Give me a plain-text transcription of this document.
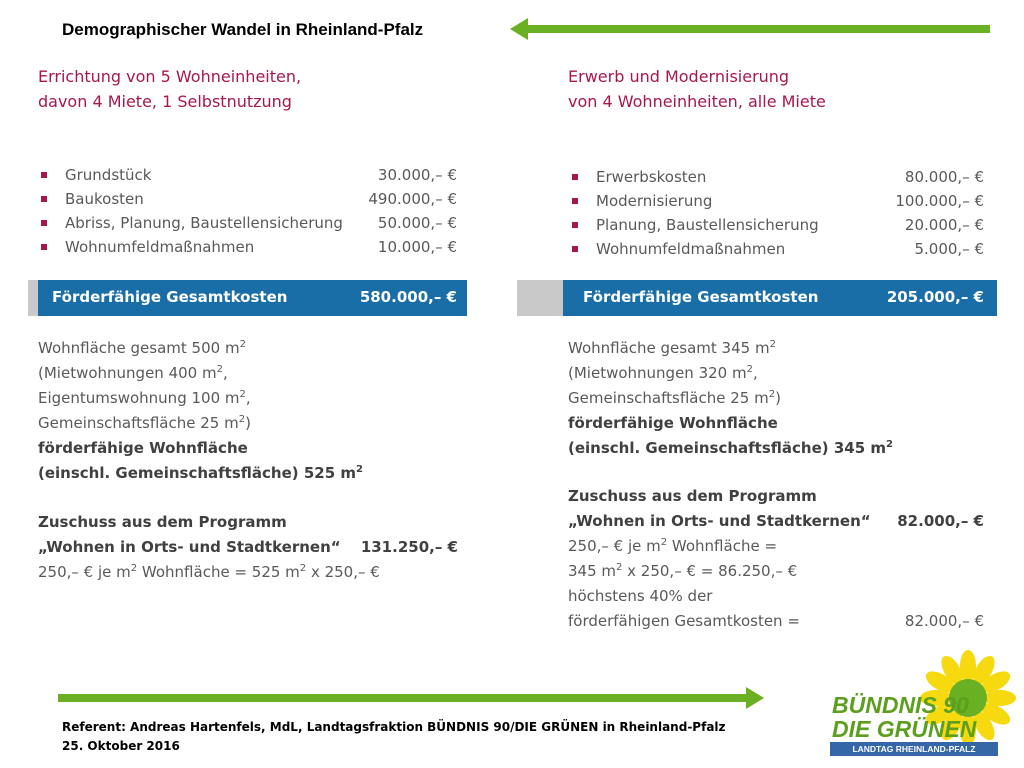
Demographischer Wandel in Rheinland-Pfalz
Errichtung von 5 Wohneinheiten,
davon 4 Miete, 1 Selbstnutzung
Grundstück	30.000,– €
Baukosten	490.000,– €
Abriss, Planung, Baustellensicherung 50.000,– €
Wohnumfeldmaßnahmen	10.000,– €
Förderfähige Gesamtkosten	580.000,– €
Wohnfläche gesamt 500 $m^2$
(Mietwohnungen 400 $m^2$,
Eigentumswohnung 100 $m^2$,
Gemeinschaftsfläche 25 $m^2$)
förderfähige Wohnfläche
(einschl. Gemeinschaftsfläche) 525 $m^2$
Zuschuss aus dem Programm
„Wohnen in Orts- und Stadtkernen“ 131.250,– €
250,– € je $m^2$ Wohnfläche = 525 $m^2$ x 250,– €
Erwerb und Modernisierung
von 4 Wohneinheiten, alle Miete
Erwerbskosten	80.000,– €
Modernisierung	100.000,– €
Planung, Baustellensicherung	20.000,– €
Wohnumfeldmaßnahmen	5.000,– €
Förderfähige Gesamtkosten	205.000,– €
Wohnfläche gesamt 345 $m^2$
(Mietwohnungen 320 $m^2$,
Gemeinschaftsfläche 25 $m^2$)
förderfähige Wohnfläche
(einschl. Gemeinschaftsfläche) 345 $m^2$
Zuschuss aus dem Programm
„Wohnen in Orts- und Stadtkernen“ 82.000,– €
250,– € je $m^2$ Wohnfläche =
345 $m^2$ x 250,– € = 86.250,– €
höchstens 40% der
förderfähigen Gesamtkosten =	82.000,– €
Referent: Andreas Hartenfels, MdL, Landtagsfraktion BÜNDNIS 90/DIE GRÜNEN in Rheinland-Pfalz
25. Oktober 2016
BÜNDNIS 90
DIE GRÜNEN
LANDTAG RHEINLAND-PFALZ
